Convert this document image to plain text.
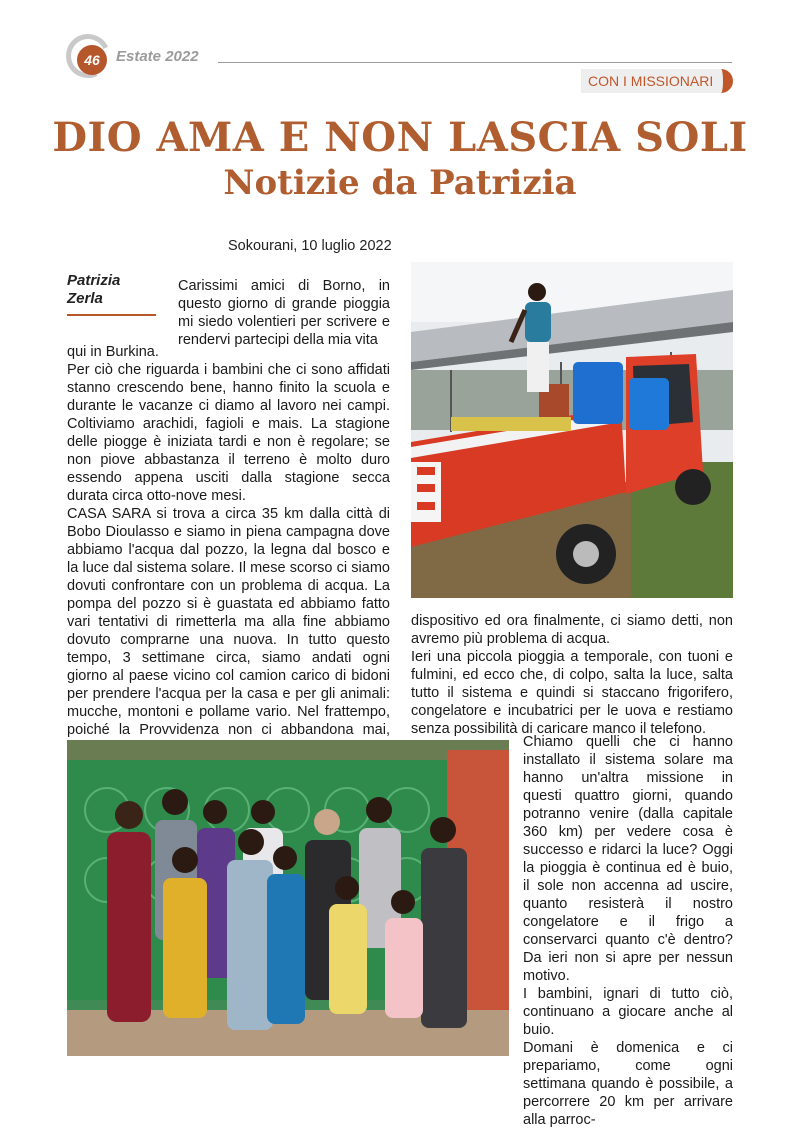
46	Estate 2022
CON I MISSIONARI
DIO AMA E NON LASCIA SOLI
Notizie da Patrizia
Sokourani, 10 luglio 2022
Patrizia
Zerla

Carissimi amici di Borno, in questo giorno di grande pioggia mi siedo volentieri per scrivere e rendervi partecipi della mia vita

qui in Burkina.
Per ciò che riguarda i bambini che ci sono affidati stanno crescendo bene, hanno finito la scuola e durante le vacanze ci diamo al lavoro nei campi. Coltiviamo arachidi, fagioli e mais. La stagione delle piogge è iniziata tardi e non è regolare; se non piove abbastanza il terreno è molto duro essendo appena usciti dalla stagione secca durata circa otto-nove mesi.
CASA SARA si trova a circa 35 km dalla città di Bobo Dioulasso e siamo in piena campagna dove abbiamo l'acqua dal pozzo, la legna dal bosco e la luce dal sistema solare. Il mese scorso ci siamo dovuti confrontare con un problema di acqua. La pompa del pozzo si è guastata ed abbiamo fatto vari tentativi di rimetterla ma alla fine abbiamo dovuto comprarne una nuova. In tutto questo tempo, 3 settimane circa, siamo andati ogni giorno al paese vicino col camion carico di bidoni per prendere l'acqua per la casa e per gli animali: mucche, montoni e pollame vario. Nel frattempo, poiché la Provvidenza non ci abbandona mai,
dispositivo ed ora finalmente, ci siamo detti, non avremo più problema di acqua.
Ieri una piccola pioggia a temporale, con tuoni e fulmini, ed ecco che, di colpo, salta la luce, salta tutto il sistema e quindi si staccano frigorifero, congelatore e incubatrici per le uova e restiamo senza possibilità di caricare manco il telefono.
Chiamo quelli che ci hanno installato il sistema solare ma hanno un'altra missione in questi quattro giorni, quando potranno venire (dalla capitale 360 km) per vedere cosa è successo e ridarci la luce? Oggi la pioggia è continua ed è buio, il sole non accenna ad uscire, quanto resisterà il nostro congelatore e il frigo a conservarci quanto c'è dentro? Da ieri non si apre per nessun motivo.
I bambini, ignari di tutto ciò, continuano a giocare anche al buio.
Domani è domenica e ci prepariamo, come ogni settimana quando è possibile, a percorrere 20 km per arrivare alla parroc-
